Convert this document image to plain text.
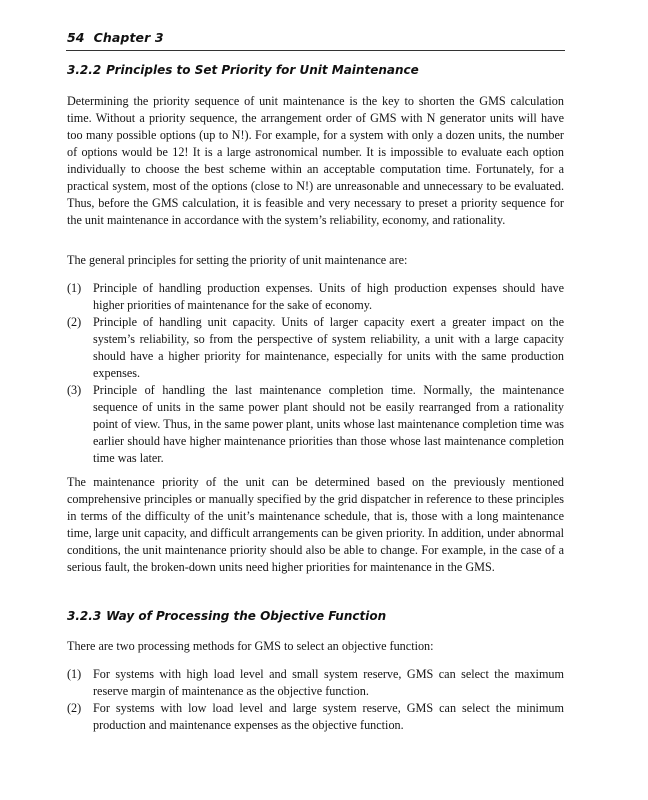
54 Chapter 3
3.2.2 Principles to Set Priority for Unit Maintenance

Determining the priority sequence of unit maintenance is the key to shorten the GMS calculation time. Without a priority sequence, the arrangement order of GMS with N generator units will have too many possible options (up to N!). For example, for a system with only a dozen units, the number of options would be 12! It is a large astronomical number. It is impossible to evaluate each option individually to choose the best scheme within an acceptable computation time. Fortunately, for a practical system, most of the options (close to N!) are unreasonable and unnecessary to be evaluated. Thus, before the GMS calculation, it is feasible and very necessary to preset a priority sequence for the unit maintenance in accordance with the system’s reliability, economy, and rationality.

The general principles for setting the priority of unit maintenance are:

(1) Principle of handling production expenses. Units of high production expenses should have higher priorities of maintenance for the sake of economy.
(2) Principle of handling unit capacity. Units of larger capacity exert a greater impact on the system’s reliability, so from the perspective of system reliability, a unit with a large capacity should have a higher priority for maintenance, especially for units with the same production expenses.
(3) Principle of handling the last maintenance completion time. Normally, the maintenance sequence of units in the same power plant should not be easily rearranged from a rationality point of view. Thus, in the same power plant, units whose last maintenance completion time was earlier should have higher maintenance priorities than those whose last maintenance completion time was later.

The maintenance priority of the unit can be determined based on the previously mentioned comprehensive principles or manually specified by the grid dispatcher in reference to these principles in terms of the difficulty of the unit’s maintenance schedule, that is, those with a long maintenance time, large unit capacity, and difficult arrangements can be given priority. In addition, under abnormal conditions, the unit maintenance priority should also be able to change. For example, in the case of a serious fault, the broken-down units need higher priorities for maintenance in the GMS.

3.2.3 Way of Processing the Objective Function

There are two processing methods for GMS to select an objective function:

(1) For systems with high load level and small system reserve, GMS can select the maximum reserve margin of maintenance as the objective function.
(2) For systems with low load level and large system reserve, GMS can select the minimum production and maintenance expenses as the objective function.
